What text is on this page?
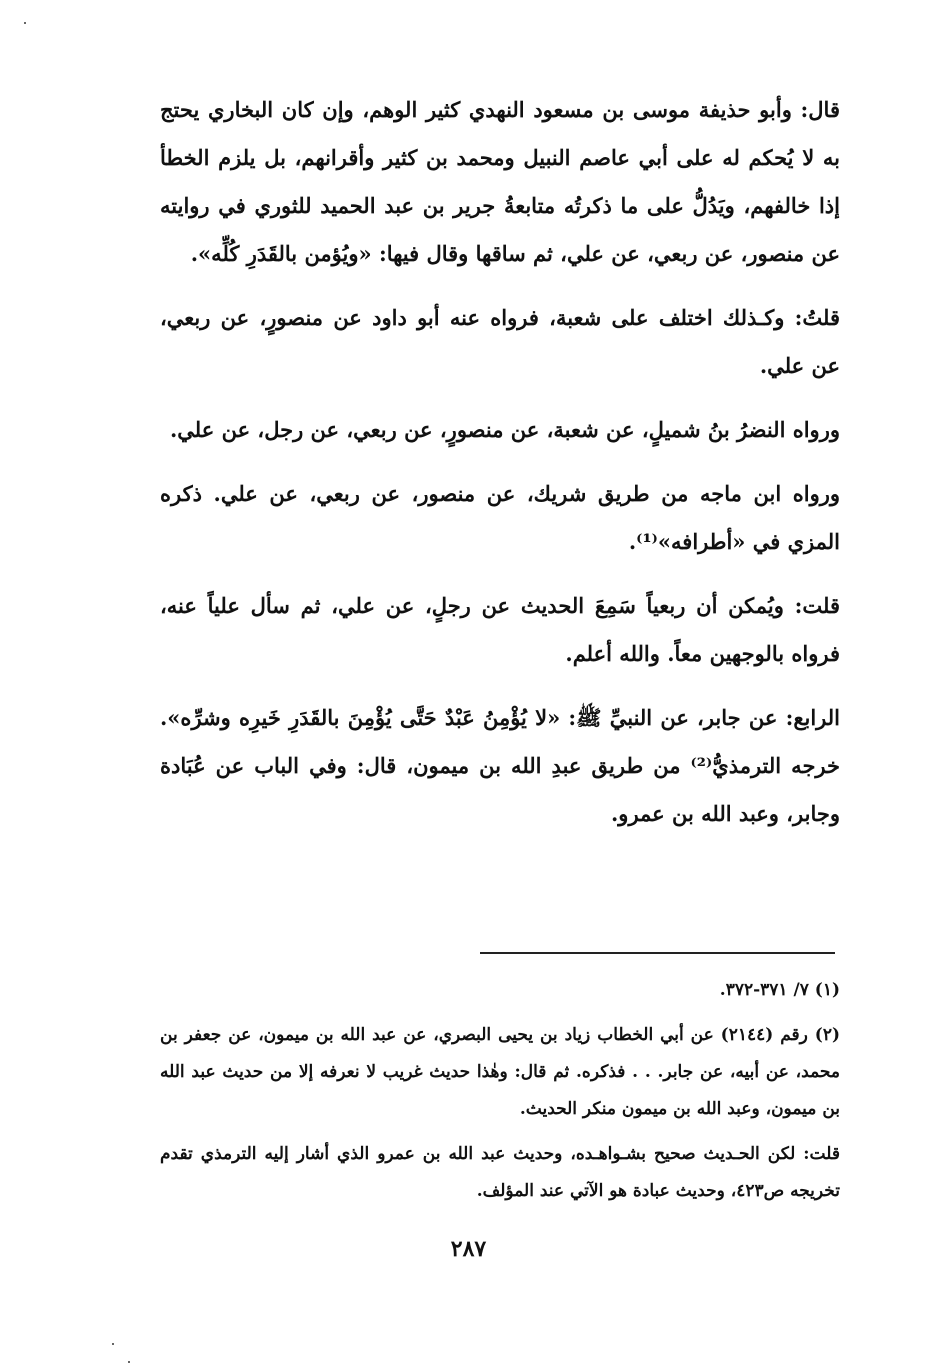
قال: وأبو حذيفة موسى بن مسعود النهدي كثير الوهم، وإن كان البخاري يحتج به لا يُحكم له على أبي عاصم النبيل ومحمد بن كثير وأقرانهم، بل يلزم الخطأ إذا خالفهم، ويَدُلُّ على ما ذكرتُه متابعةُ جرير بن عبد الحميد للثوري في روايته عن منصور، عن ربعي، عن علي، ثم ساقها وقال فيها: «ويُؤمن بالقَدَرِ كُلِّه».

قلتُ: وكـذلك اختلف على شعبة، فرواه عنه أبو داود عن منصورٍ، عن ربعي، عن علي.

ورواه النضرُ بنُ شميلٍ، عن شعبة، عن منصورٍ، عن ربعي، عن رجل، عن علي.

ورواه ابن ماجه من طريق شريك، عن منصور، عن ربعي، عن علي. ذكره المزي في «أطرافه»⁽¹⁾.

قلت: ويُمكن أن ربعياً سَمِعَ الحديث عن رجلٍ، عن علي، ثم سأل علياً عنه، فرواه بالوجهين معاً. والله أعلم.

الرابع: عن جابر، عن النبيِّ ﷺ: «لا يُؤْمِنُ عَبْدٌ حَتَّى يُؤْمِنَ بالقَدَرِ خَيرِه وشرِّه». خرجه الترمذيُّ⁽²⁾ من طريق عبدِ الله بن ميمون، قال: وفي الباب عن عُبَادة وجابر، وعبد الله بن عمرو.

(١) ٧/ ٣٧١-٣٧٢.

(٢) رقم (٢١٤٤) عن أبي الخطاب زياد بن يحيى البصري، عن عبد الله بن ميمون، عن جعفر بن محمد، عن أبيه، عن جابر. . . فذكره. ثم قال: وهٰذا حديث غريب لا نعرفه إلا من حديث عبد الله بن ميمون، وعبد الله بن ميمون منكر الحديث.

قلت: لكن الحـديث صحيح بشـواهـده، وحديث عبد الله بن عمرو الذي أشار إليه الترمذي تقدم تخريجه ص٤٢٣، وحديث عبادة هو الآتي عند المؤلف.

٢٨٧
